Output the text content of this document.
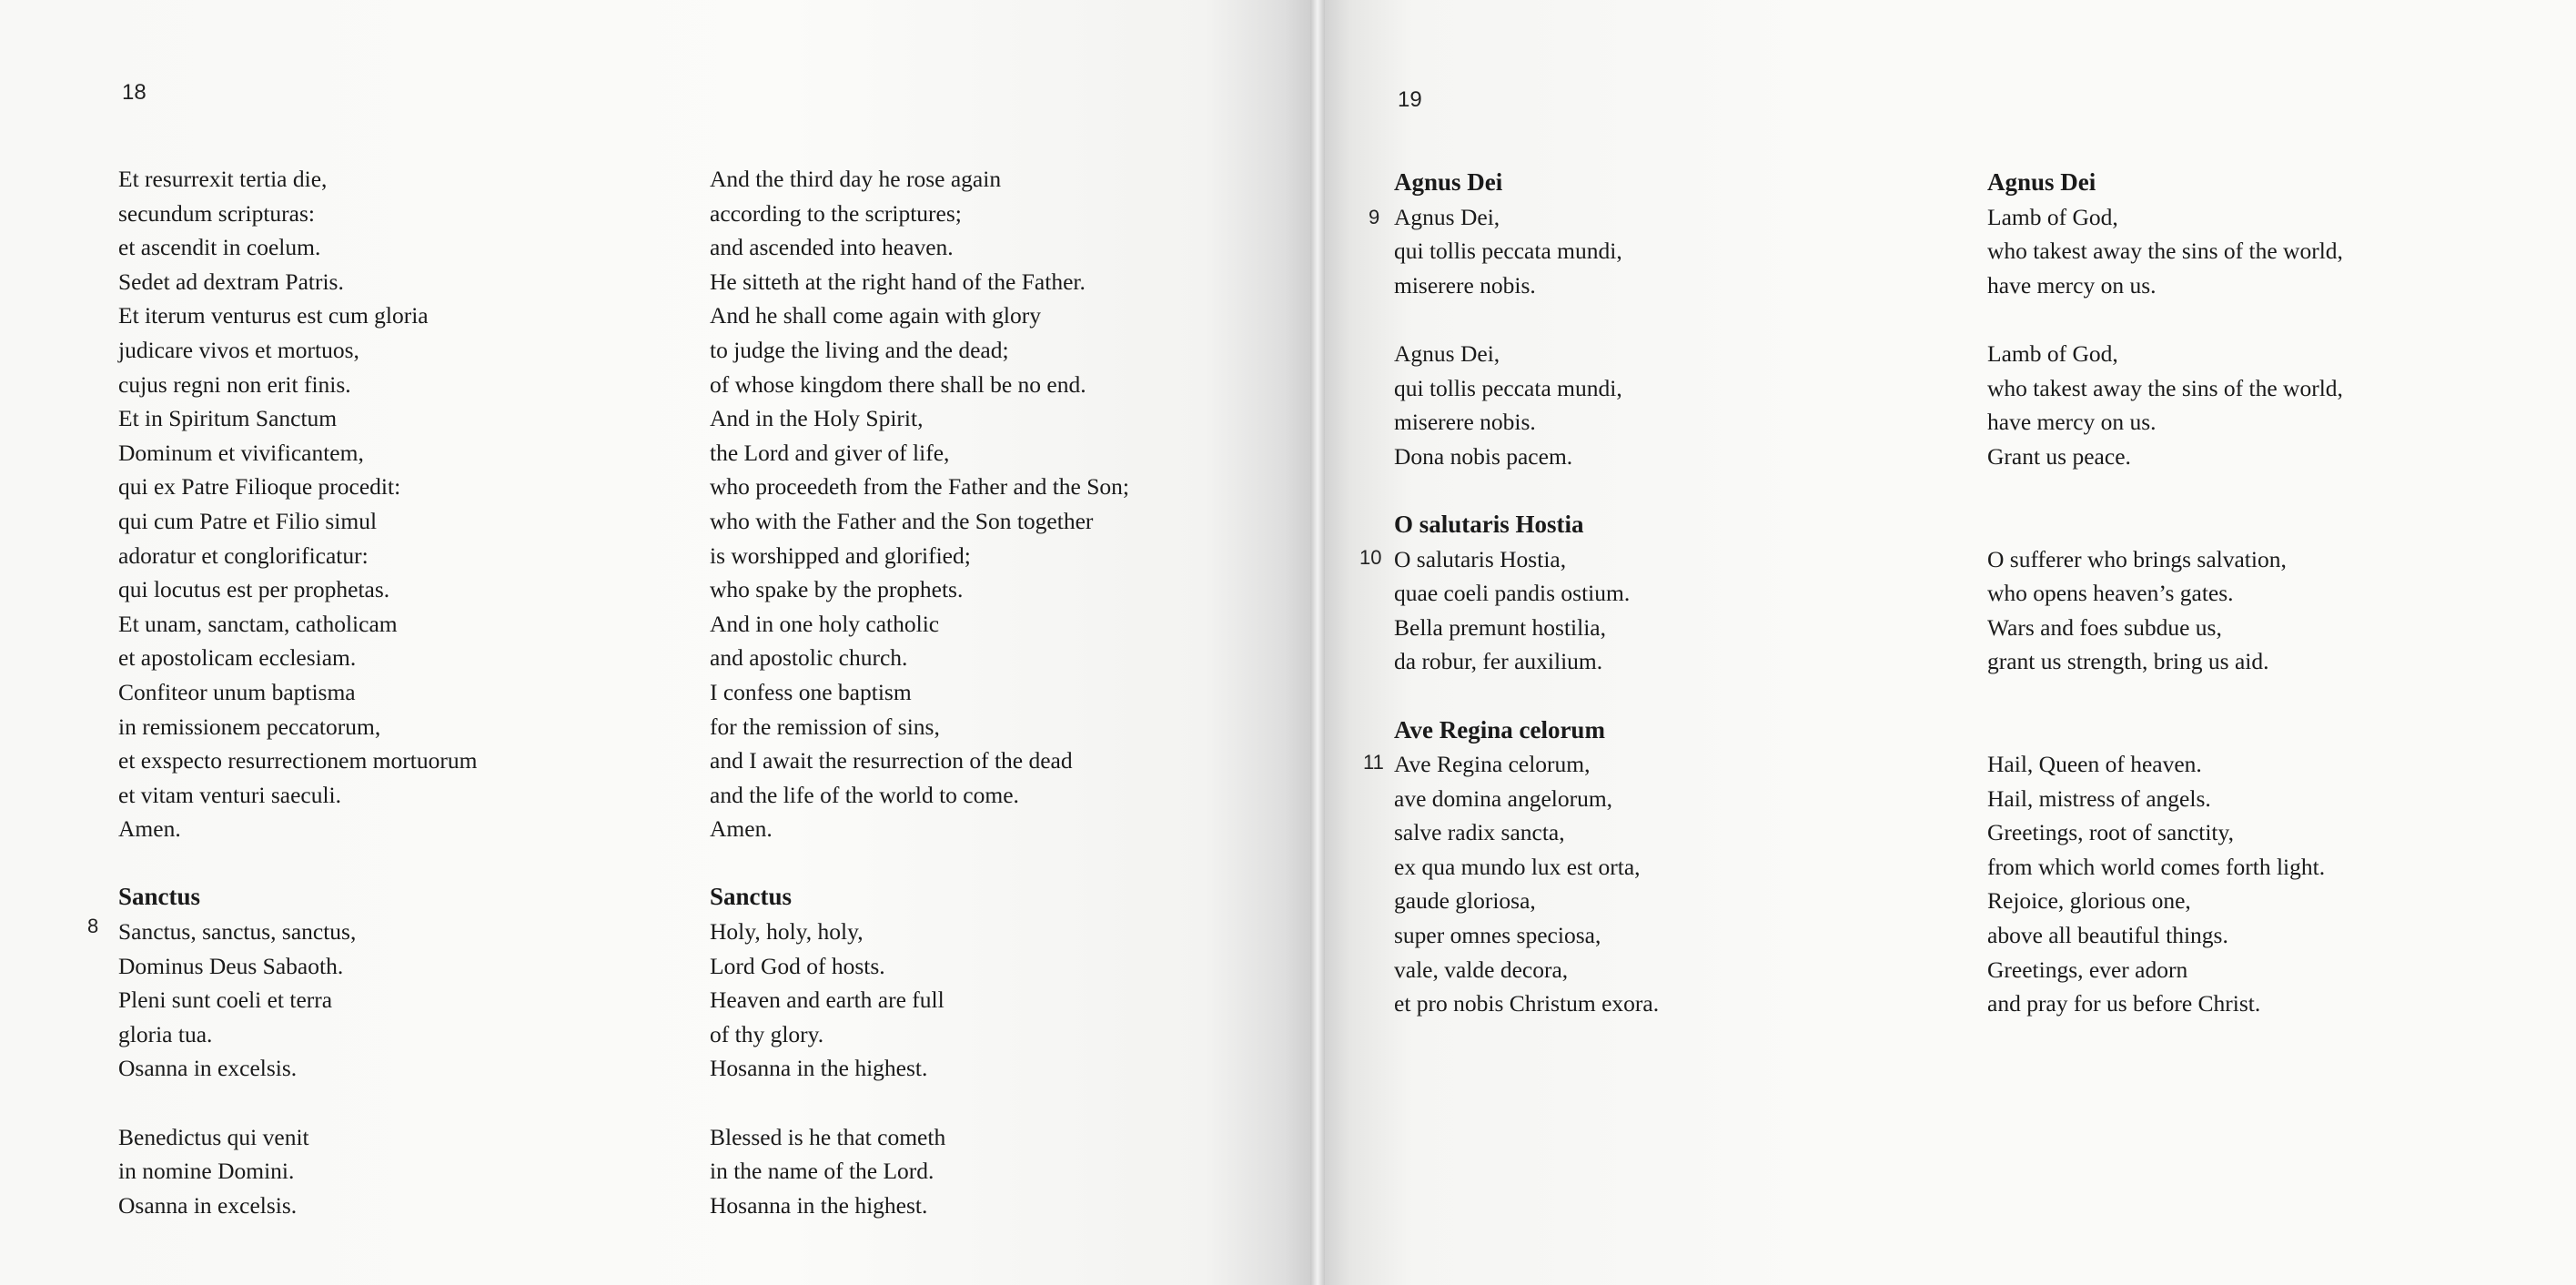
18
Et resurrexit tertia die,
secundum scripturas:
et ascendit in coelum.
Sedet ad dextram Patris.
Et iterum venturus est cum gloria
judicare vivos et mortuos,
cujus regni non erit finis.
Et in Spiritum Sanctum
Dominum et vivificantem,
qui ex Patre Filioque procedit:
qui cum Patre et Filio simul
adoratur et conglorificatur:
qui locutus est per prophetas.
Et unam, sanctam, catholicam
et apostolicam ecclesiam.
Confiteor unum baptisma
in remissionem peccatorum,
et exspecto resurrectionem mortuorum
et vitam venturi saeculi.
Amen.
Sanctus
Sanctus, sanctus, sanctus,
Dominus Deus Sabaoth.
Pleni sunt coeli et terra
gloria tua.
Osanna in excelsis.
Benedictus qui venit
in nomine Domini.
Osanna in excelsis.
8
And the third day he rose again
according to the scriptures;
and ascended into heaven.
He sitteth at the right hand of the Father.
And he shall come again with glory
to judge the living and the dead;
of whose kingdom there shall be no end.
And in the Holy Spirit,
the Lord and giver of life,
who proceedeth from the Father and the Son;
who with the Father and the Son together
is worshipped and glorified;
who spake by the prophets.
And in one holy catholic
and apostolic church.
I confess one baptism
for the remission of sins,
and I await the resurrection of the dead
and the life of the world to come.
Amen.
Sanctus
Holy, holy, holy,
Lord God of hosts.
Heaven and earth are full
of thy glory.
Hosanna in the highest.
Blessed is he that cometh
in the name of the Lord.
Hosanna in the highest.
19
Agnus Dei
Agnus Dei,
qui tollis peccata mundi,
miserere nobis.
Agnus Dei,
qui tollis peccata mundi,
miserere nobis.
Dona nobis pacem.
O salutaris Hostia
O salutaris Hostia,
quae coeli pandis ostium.
Bella premunt hostilia,
da robur, fer auxilium.
Ave Regina celorum
Ave Regina celorum,
ave domina angelorum,
salve radix sancta,
ex qua mundo lux est orta,
gaude gloriosa,
super omnes speciosa,
vale, valde decora,
et pro nobis Christum exora.
9
10
11
Agnus Dei
Lamb of God,
who takest away the sins of the world,
have mercy on us.
Lamb of God,
who takest away the sins of the world,
have mercy on us.
Grant us peace.
O sufferer who brings salvation,
who opens heaven’s gates.
Wars and foes subdue us,
grant us strength, bring us aid.
Hail, Queen of heaven.
Hail, mistress of angels.
Greetings, root of sanctity,
from which world comes forth light.
Rejoice, glorious one,
above all beautiful things.
Greetings, ever adorn
and pray for us before Christ.
